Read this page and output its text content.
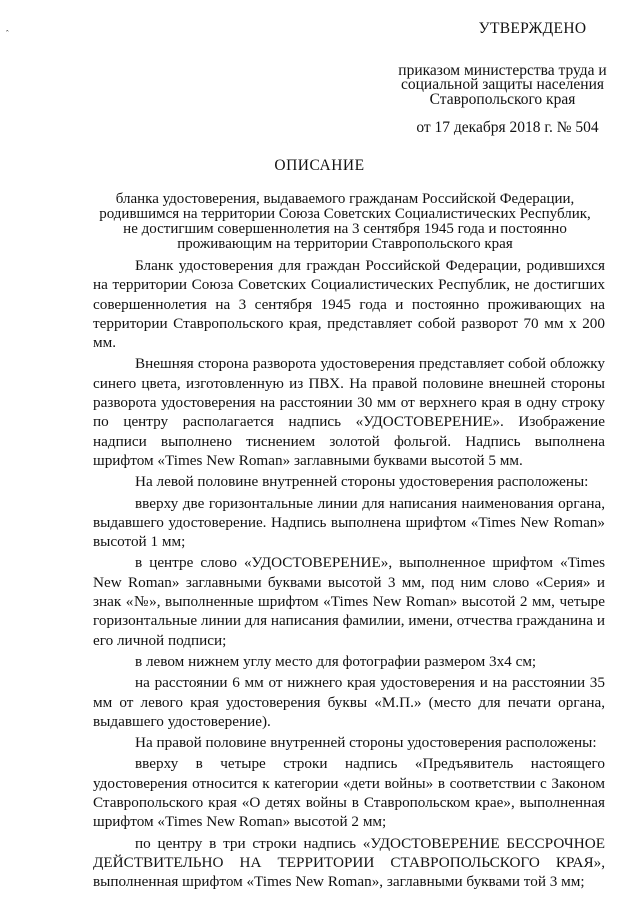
ˆ	УТВЕРЖДЕНО
приказом министерства труда и
социальной защиты населения
Ставропольского края
от 17 декабря 2018 г. № 504
ОПИСАНИЕ
бланка удостоверения, выдаваемого гражданам Российской Федерации, родившимся на территории Союза Советских Социалистических Республик, не достигшим совершеннолетия на 3 сентября 1945 года и постоянно проживающим на территории Ставропольского края

Бланк удостоверения для граждан Российской Федерации, родившихся на территории Союза Советских Социалистических Республик, не достигших совершеннолетия на 3 сентября 1945 года и постоянно проживающих на территории Ставропольского края, представляет собой разворот 70 мм х 200 мм.

Внешняя сторона разворота удостоверения представляет собой обложку синего цвета, изготовленную из ПВХ. На правой половине внешней стороны разворота удостоверения на расстоянии 30 мм от верхнего края в одну строку по центру располагается надпись «УДОСТОВЕРЕНИЕ». Изображение надписи выполнено тиснением золотой фольгой. Надпись выполнена шрифтом «Times New Roman» заглавными буквами высотой 5 мм.

На левой половине внутренней стороны удостоверения расположены:

вверху две горизонтальные линии для написания наименования органа, выдавшего удостоверение. Надпись выполнена шрифтом «Times New Roman» высотой 1 мм;

в центре слово «УДОСТОВЕРЕНИЕ», выполненное шрифтом «Times New Roman» заглавными буквами высотой 3 мм, под ним слово «Серия» и знак «№», выполненные шрифтом «Times New Roman» высотой 2 мм, четыре горизонтальные линии для написания фамилии, имени, отчества гражданина и его личной подписи;

в левом нижнем углу место для фотографии размером 3x4 см;

на расстоянии 6 мм от нижнего края удостоверения и на расстоянии 35 мм от левого края удостоверения буквы «М.П.» (место для печати органа, выдавшего удостоверение).

На правой половине внутренней стороны удостоверения расположены:

вверху в четыре строки надпись «Предъявитель настоящего удостоверения относится к категории «дети войны» в соответствии с Законом Ставропольского края «О детях войны в Ставропольском крае», выполненная шрифтом «Times New Roman» высотой 2 мм;

по центру в три строки надпись «УДОСТОВЕРЕНИЕ БЕССРОЧНОЕ ДЕЙСТВИТЕЛЬНО НА ТЕРРИТОРИИ СТАВРОПОЛЬСКОГО КРАЯ», выполненная шрифтом «Times New Roman», заглавными буквами той 3 мм;
